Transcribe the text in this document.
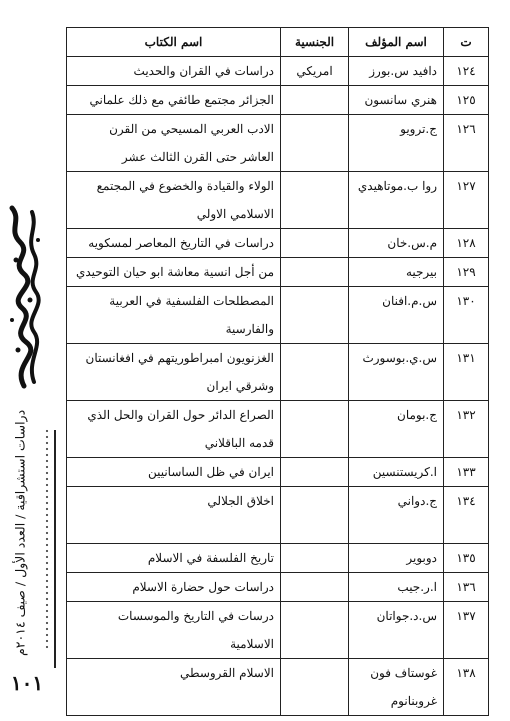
دراسات استشراقية / العدد الأول / صيف ٢٠١٤م
١٠١
ت	اسم المؤلف	الجنسية	اسم الكتاب
١٢٤	دافيد س.بورز	امريكي	دراسات في القران والحديث
١٢٥	هنري سانسون		الجزائر مجتمع طائفي مع ذلك علماني
١٢٦	ج.ترويو		الادب العربي المسيحي من القرن العاشر حتى القرن الثالث عشر
١٢٧	روا ب.موتاهيدي		الولاء والقيادة والخضوع في المجتمع الاسلامي الاولي
١٢٨	م.س.خان		دراسات في التاريخ المعاصر لمسكويه
١٢٩	بيرجيه		من أجل انسية معاشة ابو حيان التوحيدي
١٣٠	س.م.افنان		المصطلحات الفلسفية في العربية والفارسية
١٣١	س.ي.بوسورث		الغزنويون امبراطوريتهم في افغانستان وشرقي ايران
١٣٢	ج.بومان		الصراع الدائر حول القران والحل الذي قدمه الباقلاني
١٣٣	ا.كريستنسين		ايران في ظل الساسانيين
١٣٤	ج.دواني		اخلاق الجلالي
١٣٥	دوبوير		تاريخ الفلسفة في الاسلام
١٣٦	ا.ر.جيب		دراسات حول حضارة الاسلام
١٣٧	س.د.جواتان		درسات في التاريخ والموسسات الاسلامية
١٣٨	غوستاف فون غروبنانوم		الاسلام القروسطي
